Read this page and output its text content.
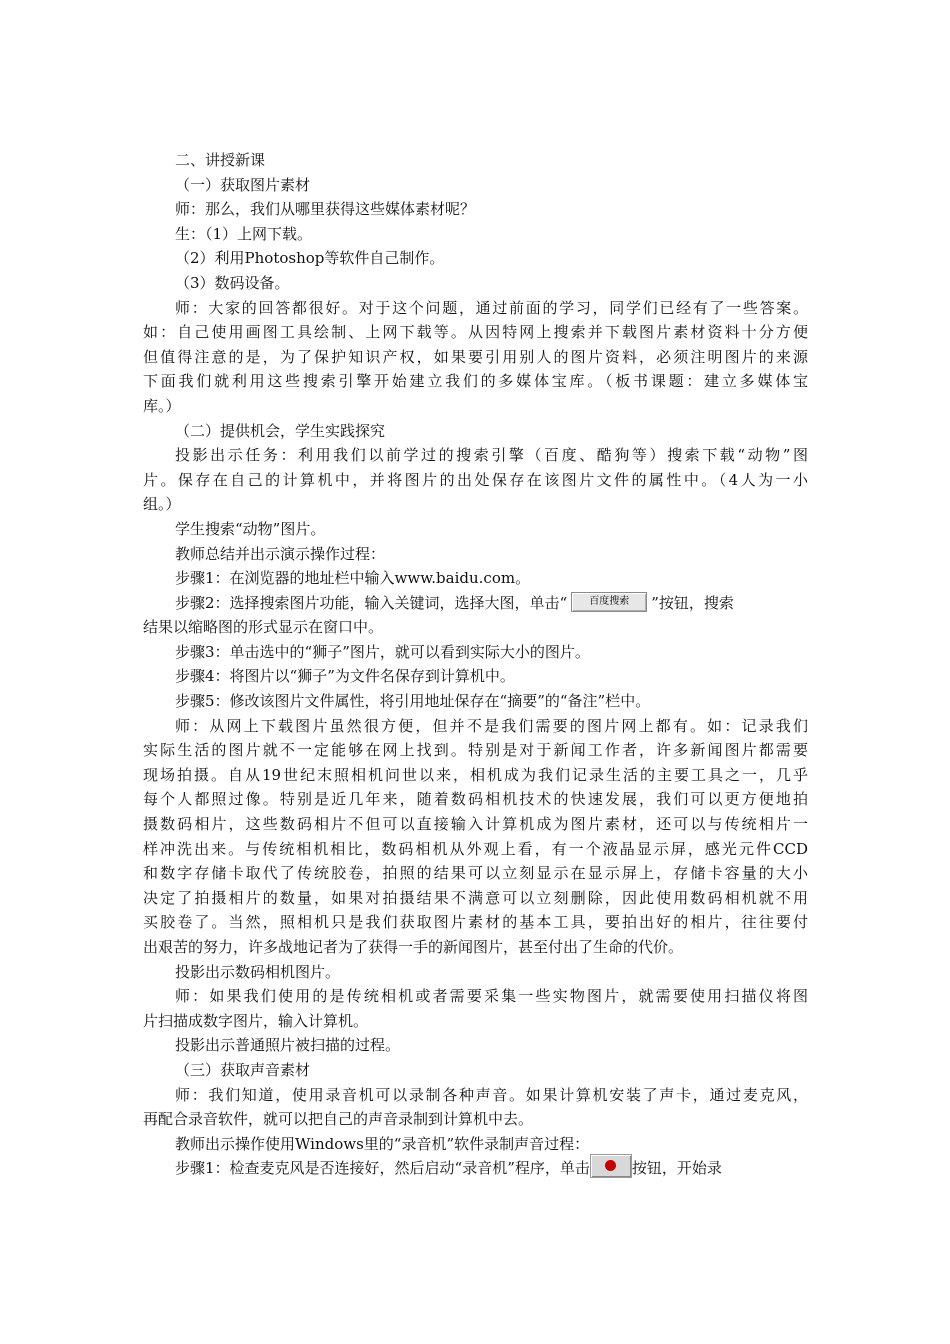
二、讲授新课
（一）获取图片素材
师：那么，我们从哪里获得这些媒体素材呢？
生：（1）上网下载。
（2）利用Photoshop等软件自己制作。
（3）数码设备。
师：大家的回答都很好。对于这个问题，通过前面的学习，同学们已经有了一些答案。
如：自己使用画图工具绘制、上网下载等。从因特网上搜索并下载图片素材资料十分方便
但值得注意的是，为了保护知识产权，如果要引用别人的图片资料，必须注明图片的来源
下面我们就利用这些搜索引擎开始建立我们的多媒体宝库。（板书课题：建立多媒体宝
库。）
（二）提供机会，学生实践探究
投影出示任务：利用我们以前学过的搜索引擎（百度、酷狗等）搜索下载“动物”图
片。保存在自己的计算机中，并将图片的出处保存在该图片文件的属性中。（4人为一小
组。）
学生搜索“动物”图片。
教师总结并出示演示操作过程：
步骤1：在浏览器的地址栏中输入www.baidu.com。
步骤2：选择搜索图片功能，输入关键词，选择大图，单击“ 百度搜索 ”按钮，搜索
结果以缩略图的形式显示在窗口中。
步骤3：单击选中的“狮子”图片，就可以看到实际大小的图片。
步骤4：将图片以“狮子”为文件名保存到计算机中。
步骤5：修改该图片文件属性，将引用地址保存在“摘要”的“备注”栏中。
师：从网上下载图片虽然很方便，但并不是我们需要的图片网上都有。如：记录我们
实际生活的图片就不一定能够在网上找到。特别是对于新闻工作者，许多新闻图片都需要
现场拍摄。自从19世纪末照相机问世以来，相机成为我们记录生活的主要工具之一，几乎
每个人都照过像。特别是近几年来，随着数码相机技术的快速发展，我们可以更方便地拍
摄数码相片，这些数码相片不但可以直接输入计算机成为图片素材，还可以与传统相片一
样冲洗出来。与传统相机相比，数码相机从外观上看，有一个液晶显示屏，感光元件CCD
和数字存储卡取代了传统胶卷，拍照的结果可以立刻显示在显示屏上，存储卡容量的大小
决定了拍摄相片的数量，如果对拍摄结果不满意可以立刻删除，因此使用数码相机就不用
买胶卷了。当然，照相机只是我们获取图片素材的基本工具，要拍出好的相片，往往要付
出艰苦的努力，许多战地记者为了获得一手的新闻图片，甚至付出了生命的代价。
投影出示数码相机图片。
师：如果我们使用的是传统相机或者需要采集一些实物图片，就需要使用扫描仪将图
片扫描成数字图片，输入计算机。
投影出示普通照片被扫描的过程。
（三）获取声音素材
师：我们知道，使用录音机可以录制各种声音。如果计算机安装了声卡，通过麦克风，
再配合录音软件，就可以把自己的声音录制到计算机中去。
教师出示操作使用Windows里的“录音机”软件录制声音过程：
步骤1：检查麦克风是否连接好，然后启动“录音机”程序，单击	按钮，开始录
